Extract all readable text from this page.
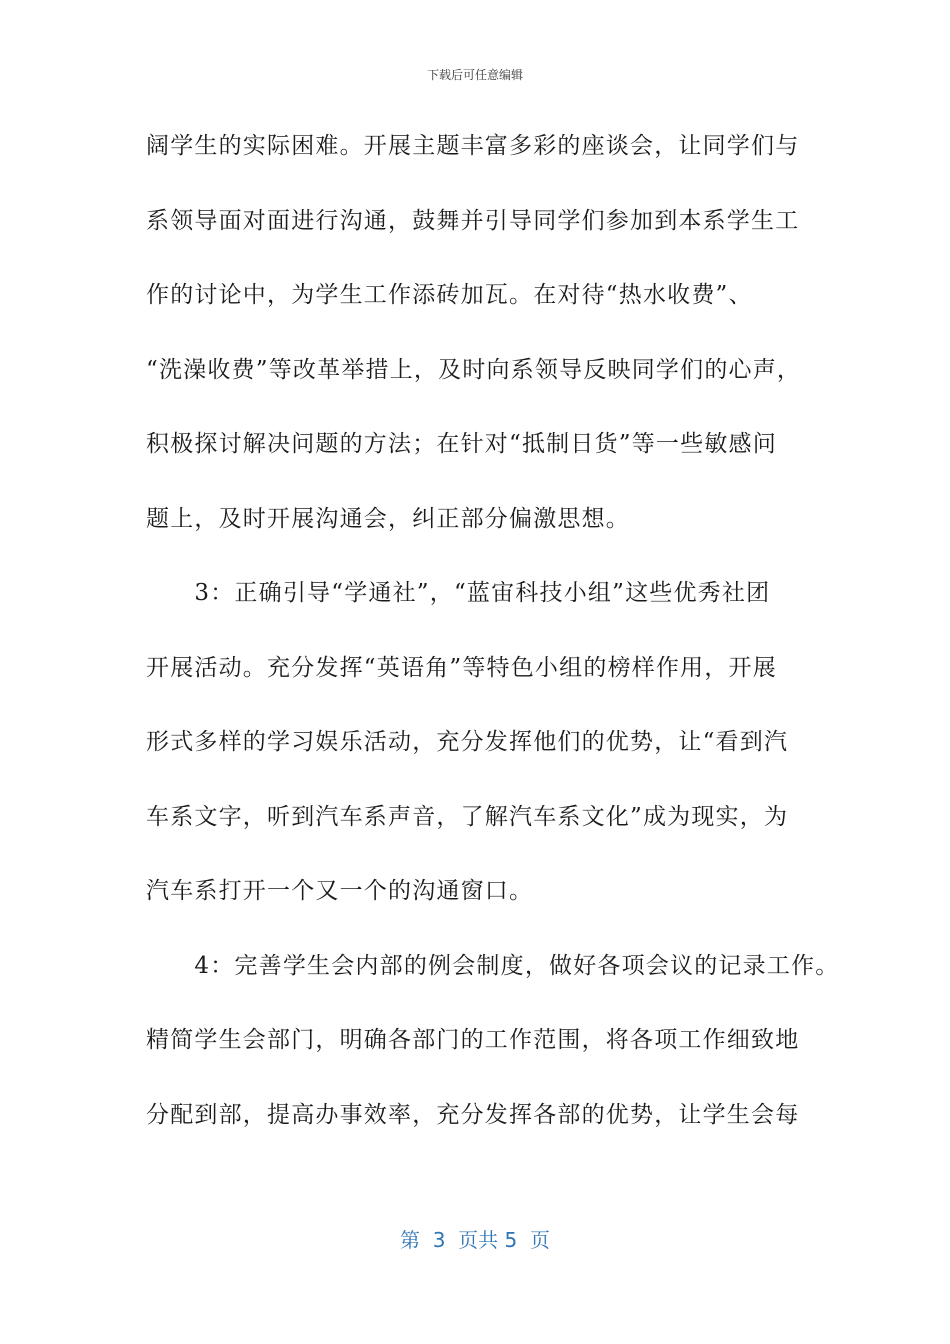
下载后可任意编辑
阔学生的实际困难。开展主题丰富多彩的座谈会，让同学们与
系领导面对面进行沟通，鼓舞并引导同学们参加到本系学生工
作的讨论中，为学生工作添砖加瓦。在对待“热水收费”、
“洗澡收费”等改革举措上，及时向系领导反映同学们的心声，
积极探讨解决问题的方法；在针对“抵制日货”等一些敏感问
题上，及时开展沟通会，纠正部分偏激思想。
　　3：正确引导“学通社”，“蓝宙科技小组”这些优秀社团
开展活动。充分发挥“英语角”等特色小组的榜样作用，开展
形式多样的学习娱乐活动，充分发挥他们的优势，让“看到汽
车系文字，听到汽车系声音，了解汽车系文化”成为现实，为
汽车系打开一个又一个的沟通窗口。
　　4：完善学生会内部的例会制度，做好各项会议的记录工作。
精简学生会部门，明确各部门的工作范围，将各项工作细致地
分配到部，提高办事效率，充分发挥各部的优势，让学生会每
第  3  页共 5  页
